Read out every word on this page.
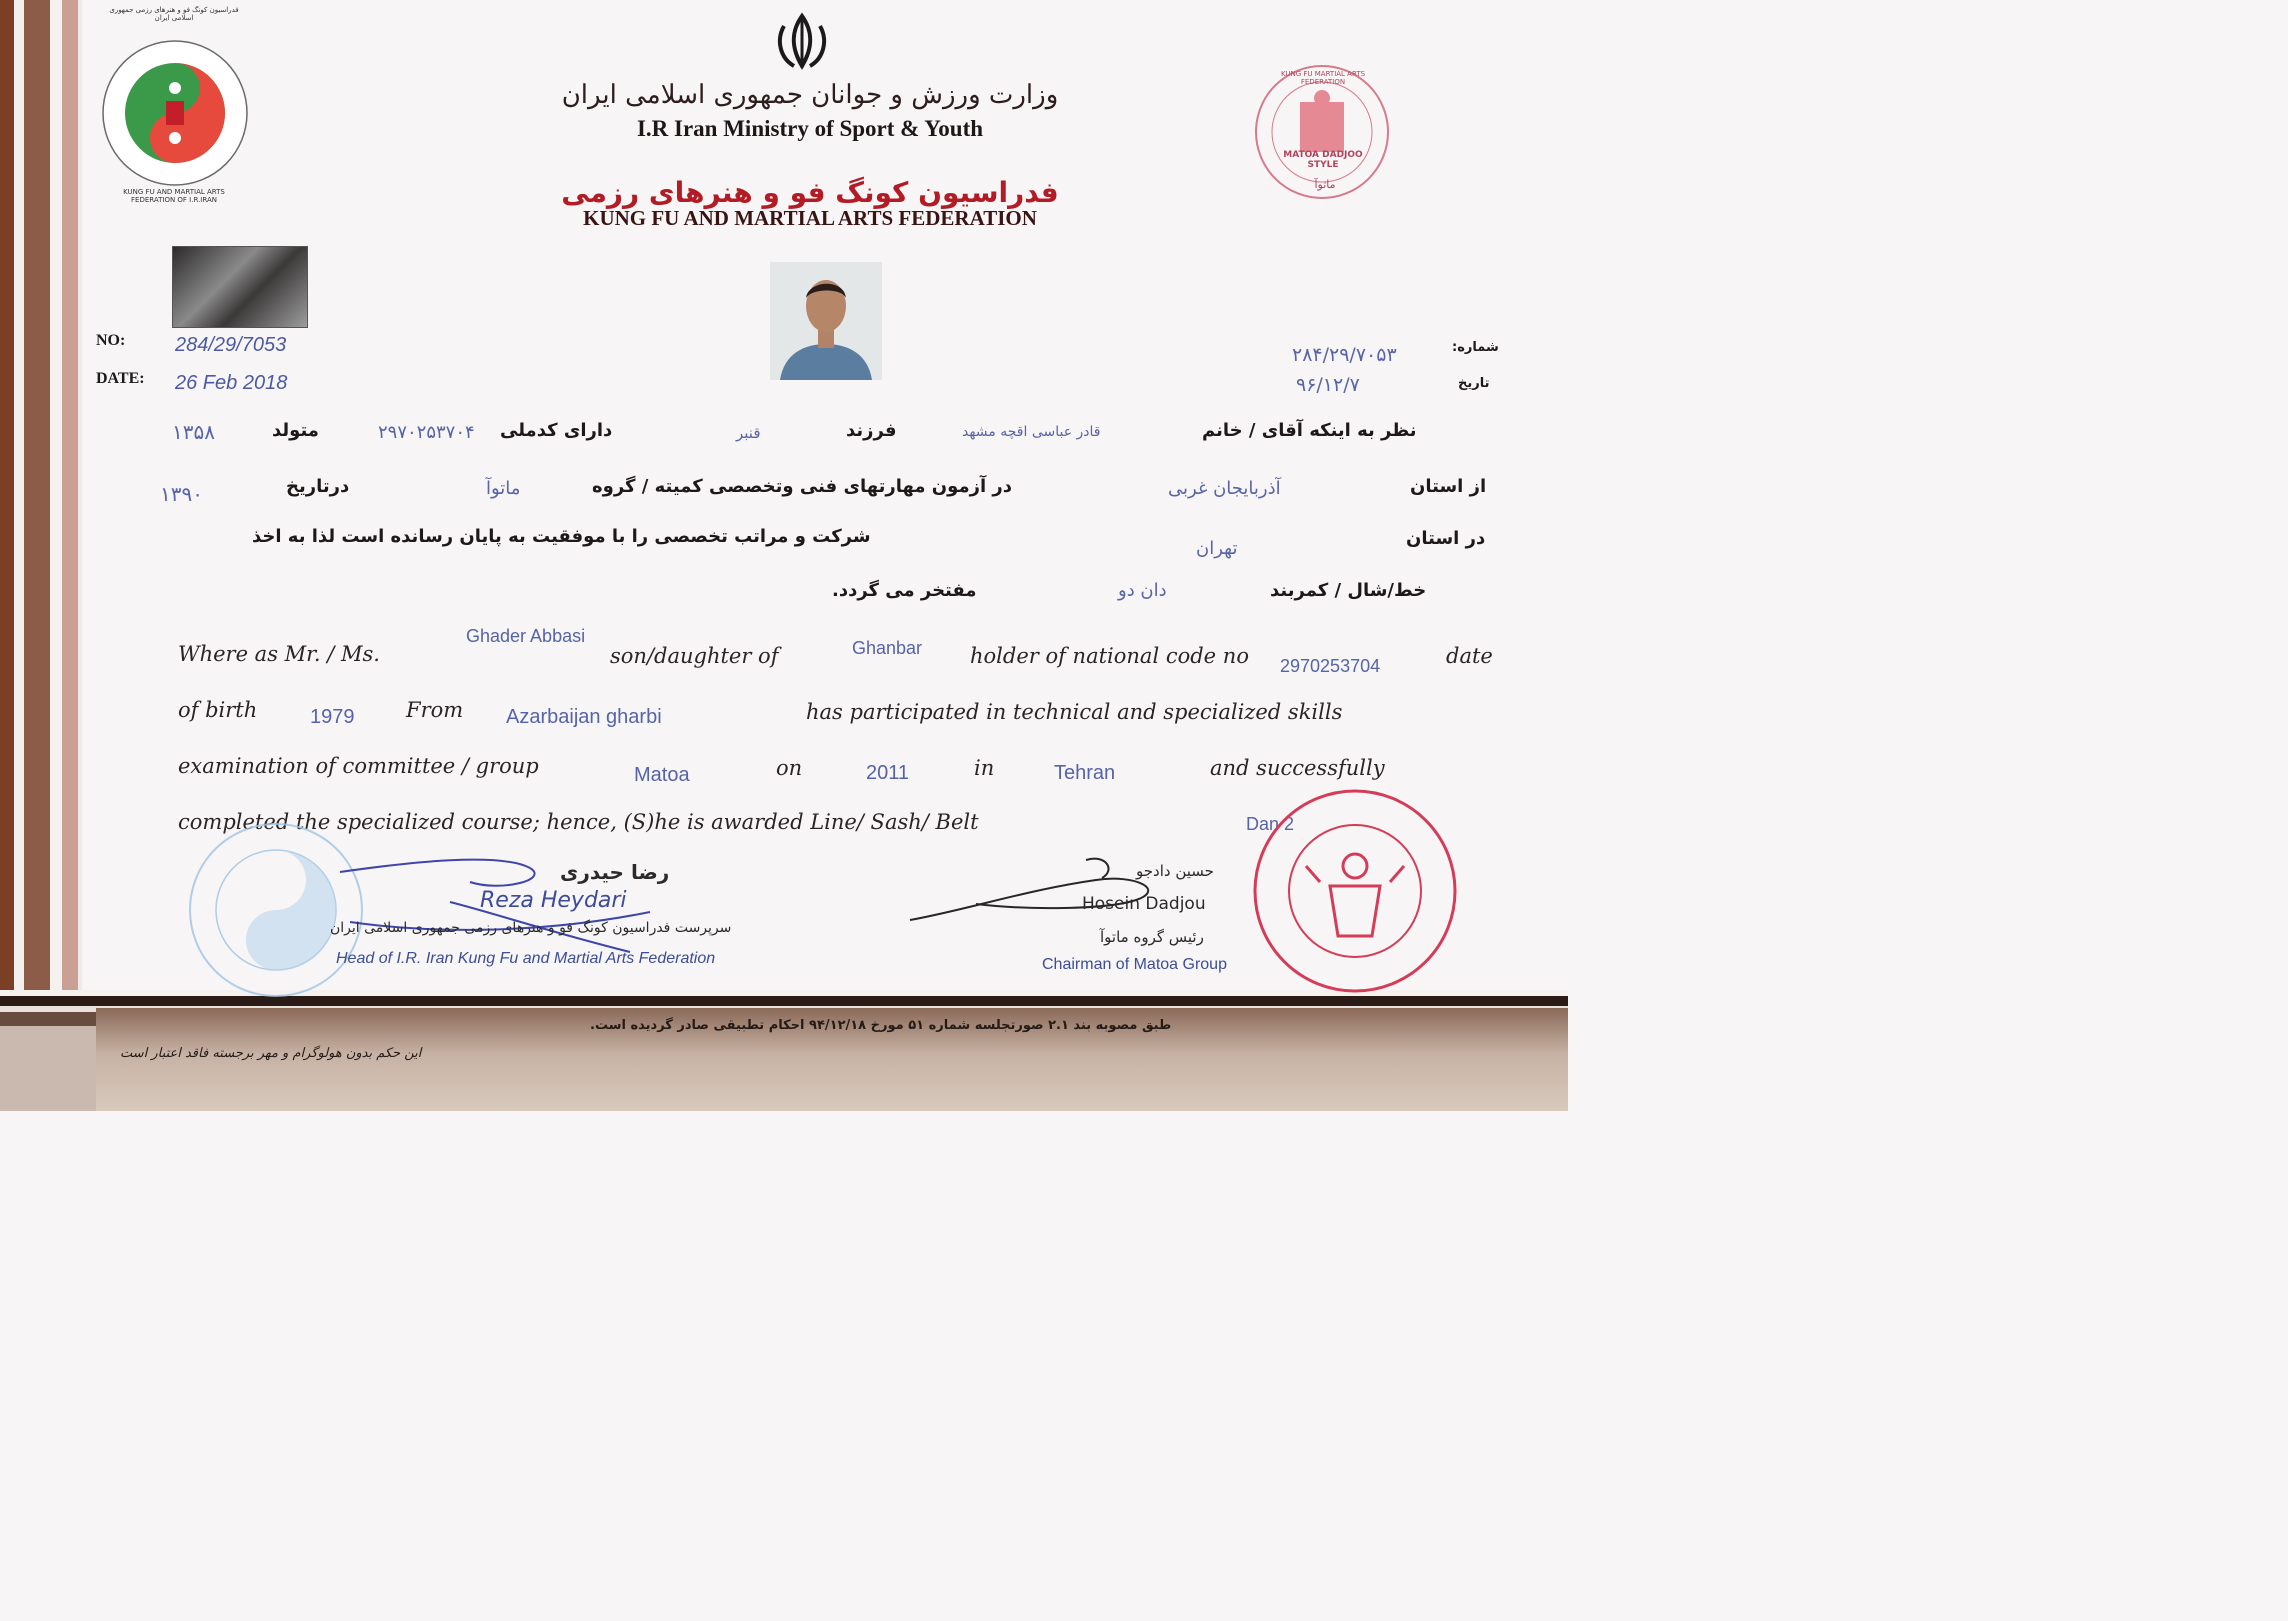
فدراسیون کونگ فو و هنرهای رزمی جمهوری اسلامی ایران
KUNG FU AND MARTIAL ARTS FEDERATION OF I.R.IRAN
MATOA DADJOO STYLE
ماتوآ
KUNG FU MARTIAL ARTS FEDERATION
وزارت ورزش و جوانان جمهوری اسلامی ایران
I.R Iran Ministry of Sport & Youth
فدراسیون کونگ فو و هنرهای رزمی
KUNG FU AND MARTIAL ARTS FEDERATION
NO: 284/29/7053
DATE: 26 Feb 2018
شماره:
۲۸۴/۲۹/۷۰۵۳
تاریخ
۹۶/۱۲/۷
نظر به اینکه آقای / خانم
قادر عباسی اقچه مشهد
فرزند
قنبر
دارای کدملی
۲۹۷۰۲۵۳۷۰۴
متولد
۱۳۵۸
از استان
آذربایجان غربی
در آزمون مهارتهای فنی وتخصصی کمیته / گروه
ماتوآ
درتاریخ
۱۳۹۰
در استان
تهران
شرکت و مراتب تخصصی را با موفقیت به پایان رسانده است لذا به اخذ
خط/شال / کمربند
دان دو
مفتخر می گردد.
Where as Mr. / Ms.
Ghader Abbasi
son/daughter of	Ghanbar holder of national code no 2970253704	date
of birth	1979 From Azarbaijan gharbi	has participated in technical and specialized skills
examination of committee / group	Matoa	on	2011	in	Tehran	and successfully
completed the specialized course; hence, (S)he is awarded Line/ Sash/ Belt	Dan 2
رضا حیدری
Reza Heydari
سرپرست فدراسیون کونگ فو و هنرهای رزمی جمهوری اسلامی ایران
Head of I.R. Iran Kung Fu and Martial Arts Federation
حسین دادجو
Hosein Dadjou
رئیس گروه ماتوآ
Chairman of Matoa Group
طبق مصوبه بند ۲.۱ صورتجلسه شماره ۵۱ مورخ ۹۴/۱۲/۱۸ احکام تطبیقی صادر گردیده است.
این حکم بدون هولوگرام و مهر برجسته فاقد اعتبار است
